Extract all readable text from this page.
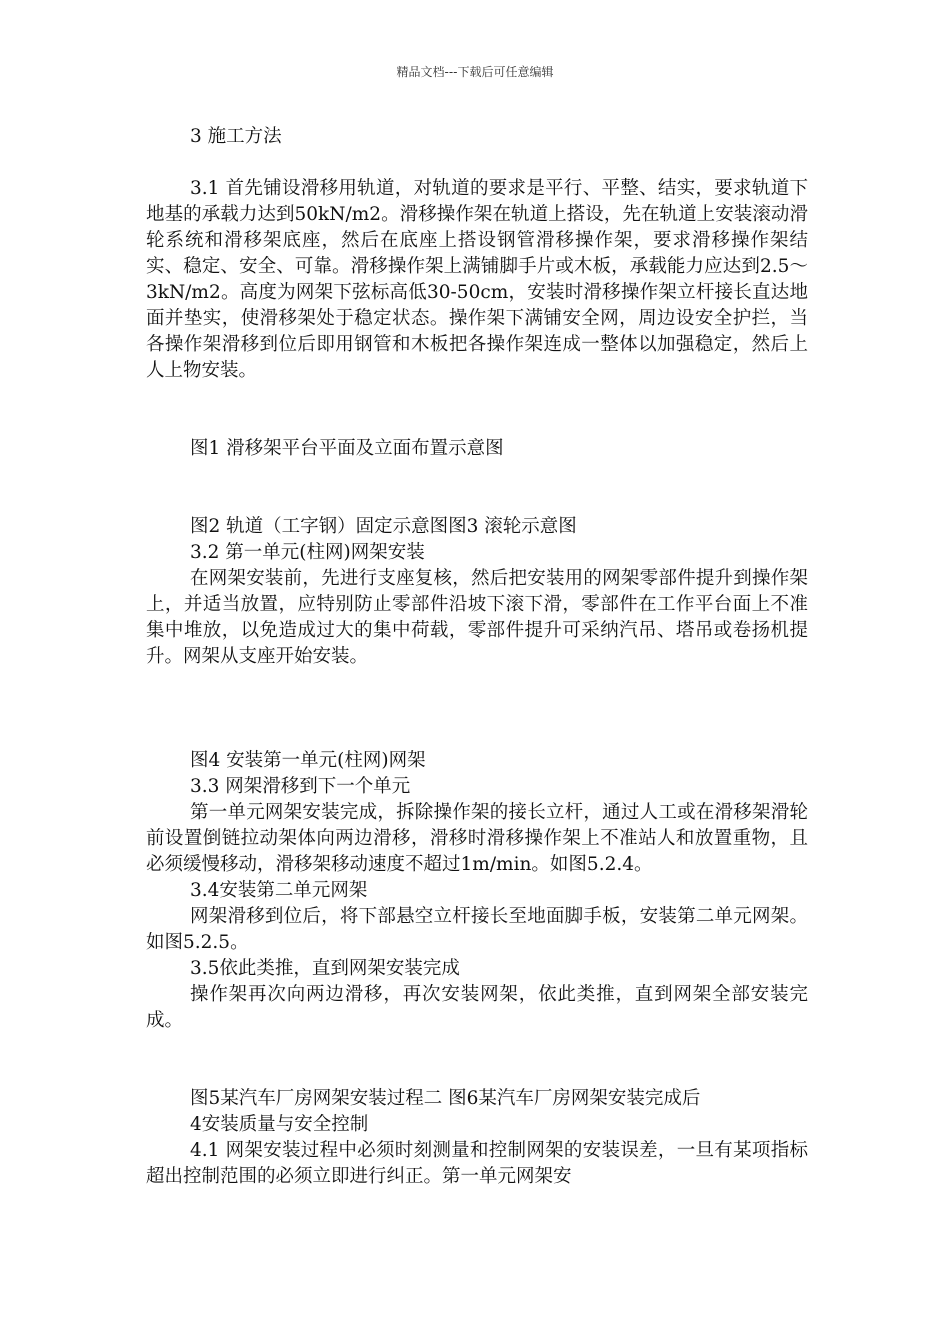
精品文档---下载后可任意编辑

3 施工方法

3.1 首先铺设滑移用轨道，对轨道的要求是平行、平整、结实，要求轨道下地基的承载力达到50kN/m2。滑移操作架在轨道上搭设，先在轨道上安装滚动滑轮系统和滑移架底座，然后在底座上搭设钢管滑移操作架，要求滑移操作架结实、稳定、安全、可靠。滑移操作架上满铺脚手片或木板，承载能力应达到2.5～3kN/m2。高度为网架下弦标高低30-50cm，安装时滑移操作架立杆接长直达地面并垫实，使滑移架处于稳定状态。操作架下满铺安全网，周边设安全护拦，当各操作架滑移到位后即用钢管和木板把各操作架连成一整体以加强稳定，然后上人上物安装。

图1 滑移架平台平面及立面布置示意图

图2 轨道（工字钢）固定示意图图3 滚轮示意图

3.2 第一单元(柱网)网架安装

在网架安装前，先进行支座复核，然后把安装用的网架零部件提升到操作架上，并适当放置，应特别防止零部件沿坡下滚下滑，零部件在工作平台面上不准集中堆放，以免造成过大的集中荷载，零部件提升可采纳汽吊、塔吊或卷扬机提升。网架从支座开始安装。

图4 安装第一单元(柱网)网架

3.3 网架滑移到下一个单元

第一单元网架安装完成，拆除操作架的接长立杆，通过人工或在滑移架滑轮前设置倒链拉动架体向两边滑移，滑移时滑移操作架上不准站人和放置重物，且必须缓慢移动，滑移架移动速度不超过1m/min。如图5.2.4。

3.4安装第二单元网架

网架滑移到位后，将下部悬空立杆接长至地面脚手板，安装第二单元网架。如图5.2.5。

3.5依此类推，直到网架安装完成

操作架再次向两边滑移，再次安装网架，依此类推，直到网架全部安装完成。

图5某汽车厂房网架安装过程二 图6某汽车厂房网架安装完成后

4安装质量与安全控制

4.1 网架安装过程中必须时刻测量和控制网架的安装误差，一旦有某项指标超出控制范围的必须立即进行纠正。第一单元网架安
